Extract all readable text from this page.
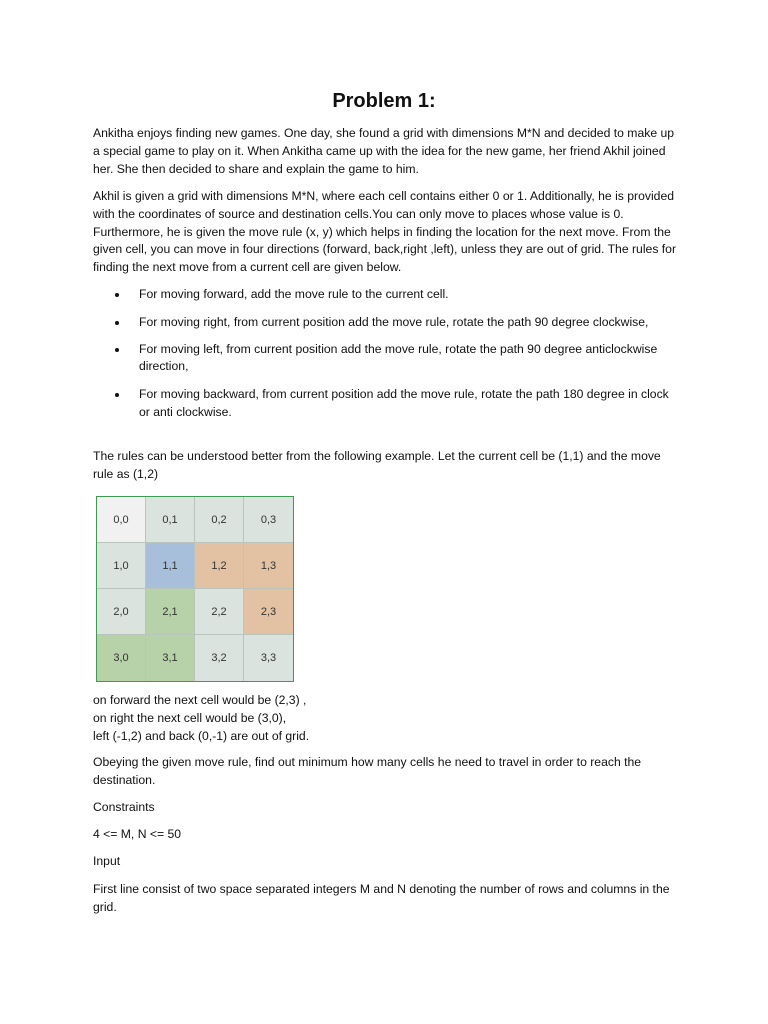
Problem 1:

Ankitha enjoys finding new games. One day, she found a grid with dimensions M*N and decided to make up a special game to play on it. When Ankitha came up with the idea for the new game, her friend Akhil joined her. She then decided to share and explain the game to him.

Akhil is given a grid with dimensions M*N, where each cell contains either 0 or 1. Additionally, he is provided with the coordinates of source and destination cells.You can only move to places whose value is 0. Furthermore, he is given the move rule (x, y) which helps in finding the location for the next move. From the given cell, you can move in four directions (forward, back,right ,left), unless they are out of grid. The rules for finding the next move from a current cell are given below.

For moving forward, add the move rule to the current cell.
For moving right, from current position add the move rule, rotate the path 90 degree clockwise,
For moving left, from current position add the move rule, rotate the path 90 degree anticlockwise direction,
For moving backward, from current position add the move rule, rotate the path 180 degree in clock or anti clockwise.

The rules can be understood better from the following example. Let the current cell be (1,1) and the move rule as (1,2)

0,0	0,1	0,2	0,3
1,0	1,1	1,2	1,3
2,0	2,1	2,2	2,3
3,0	3,1	3,2	3,3
on forward the next cell would be (2,3) ,
on right the next cell would be (3,0),
left (-1,2) and back (0,-1) are out of grid.

Obeying the given move rule, find out minimum how many cells he need to travel in order to reach the destination.

Constraints

4 <= M, N <= 50

Input

First line consist of two space separated integers M and N denoting the number of rows and columns in the grid.
